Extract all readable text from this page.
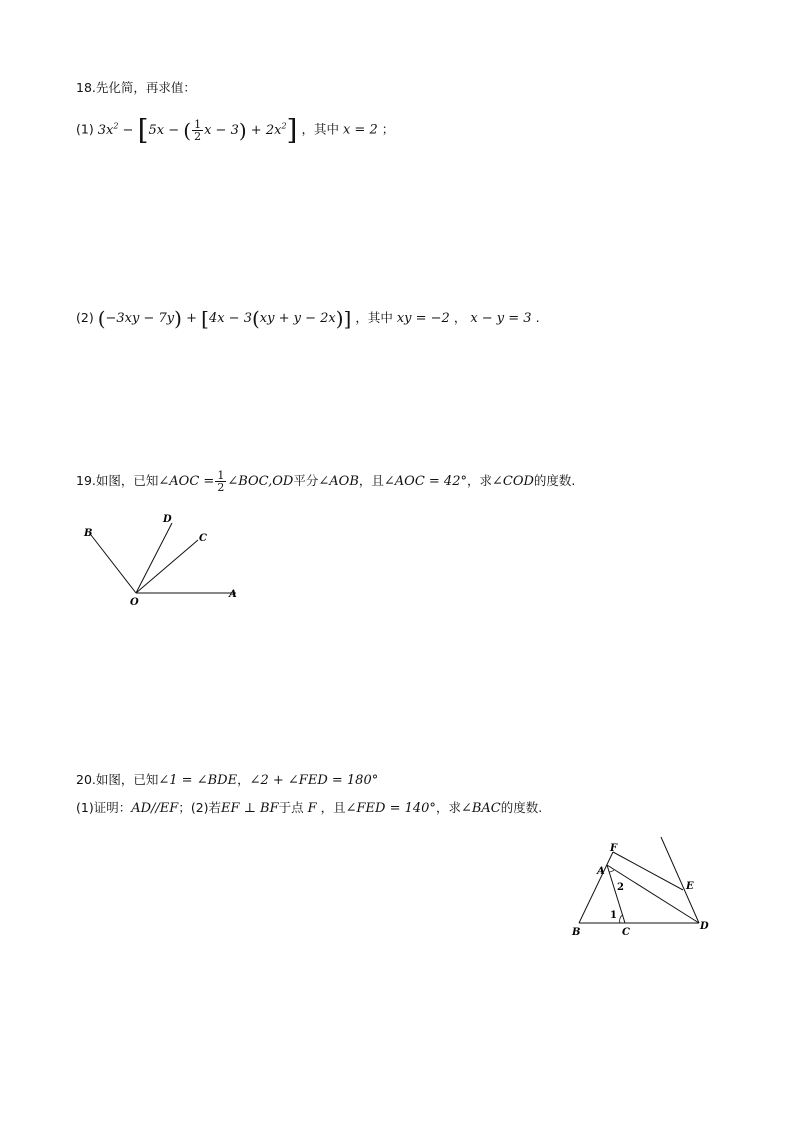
18.先化简，再求值：
(1) $3x^2 - [5x$ − ( $\frac{1}{2}$ $x - 3) + 2x^2$] ，其中 x = 2 ；
(2) (−3xy − 7y) + [4x − 3(xy + y − 2x)] ，其中 xy = −2 ， x − y = 3 .
19.如图，已知∠AOC = $\frac{1}{2}$ ∠BOC,OD平分∠AOB，且∠AOC = 42°，求∠COD的度数.
B
D
C
O
A
20.如图，已知∠1 = ∠BDE，∠2 + ∠FED = 180°
(1)证明：AD//EF；(2)若EF ⊥ BF于点 F ，且∠FED = 140°，求∠BAC的度数.
F
A
E
B	C
D
1
2
